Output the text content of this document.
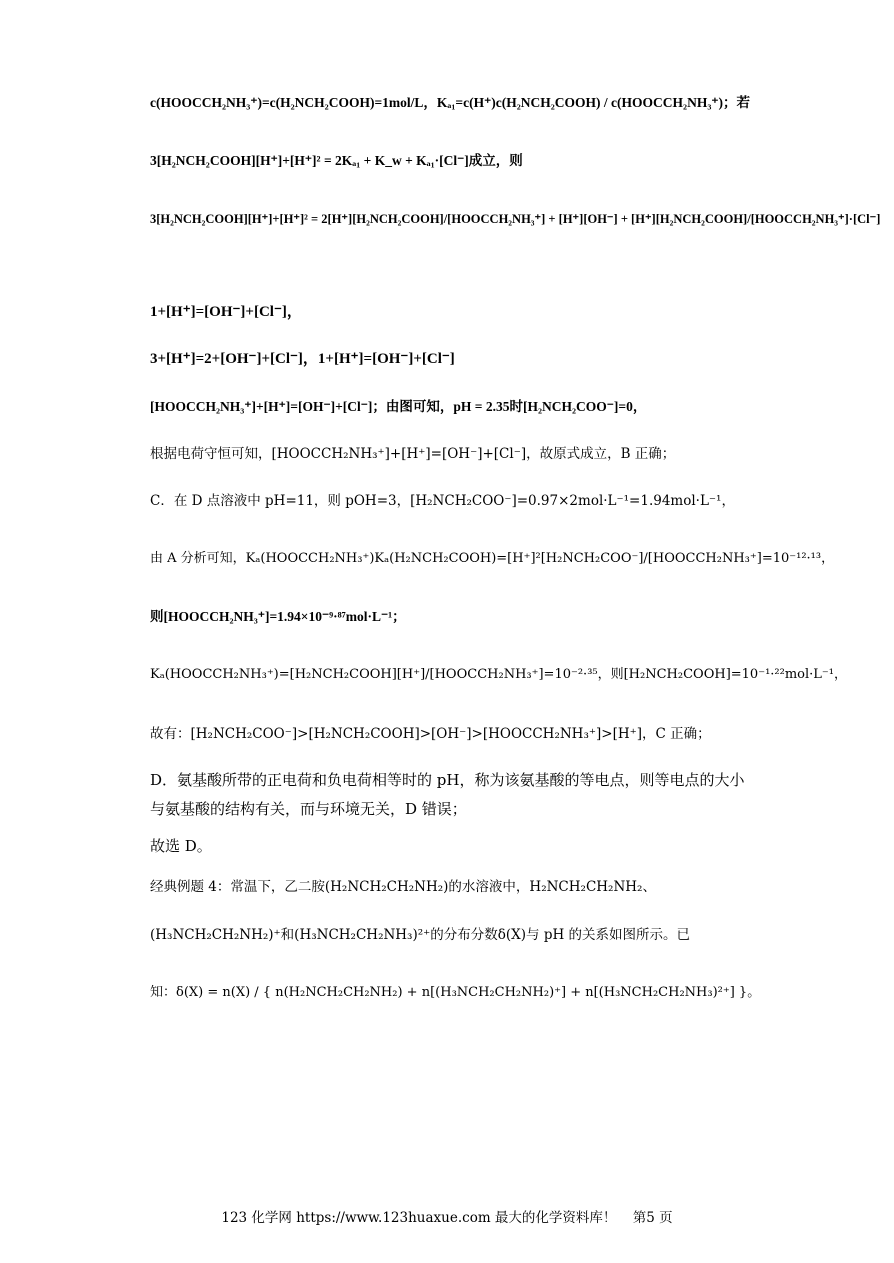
c(HOOCCH₂NH₃⁺)=c(H₂NCH₂COOH)=1mol/L，Kₐ₁=c(H⁺)c(H₂NCH₂COOH) / c(HOOCCH₂NH₃⁺)；若
3[H₂NCH₂COOH][H⁺]+[H⁺]² = 2Kₐ₁ + K_w + Kₐ₁·[Cl⁻]成立，则
3[H₂NCH₂COOH][H⁺]+[H⁺]² = 2[H⁺][H₂NCH₂COOH]/[HOOCCH₂NH₃⁺] + [H⁺][OH⁻] + [H⁺][H₂NCH₂COOH]/[HOOCCH₂NH₃⁺]·[Cl⁻]
1+[H⁺]=[OH⁻]+[Cl⁻]，
3+[H⁺]=2+[OH⁻]+[Cl⁻]，1+[H⁺]=[OH⁻]+[Cl⁻]
[HOOCCH₂NH₃⁺]+[H⁺]=[OH⁻]+[Cl⁻]；由图可知，pH = 2.35时[H₂NCH₂COO⁻]=0，
根据电荷守恒可知，[HOOCCH₂NH₃⁺]+[H⁺]=[OH⁻]+[Cl⁻]，故原式成立，B 正确；
C．在 D 点溶液中 pH=11，则 pOH=3，[H₂NCH₂COO⁻]=0.97×2mol·L⁻¹=1.94mol·L⁻¹，
由 A 分析可知，Kₐ(HOOCCH₂NH₃⁺)Kₐ(H₂NCH₂COOH)=[H⁺]²[H₂NCH₂COO⁻]/[HOOCCH₂NH₃⁺]=10⁻¹²·¹³，
则[HOOCCH₂NH₃⁺]=1.94×10⁻⁹·⁸⁷mol·L⁻¹；
Kₐ(HOOCCH₂NH₃⁺)=[H₂NCH₂COOH][H⁺]/[HOOCCH₂NH₃⁺]=10⁻²·³⁵，则[H₂NCH₂COOH]=10⁻¹·²²mol·L⁻¹，
故有：[H₂NCH₂COO⁻]>[H₂NCH₂COOH]>[OH⁻]>[HOOCCH₂NH₃⁺]>[H⁺]，C 正确；
D．氨基酸所带的正电荷和负电荷相等时的 pH，称为该氨基酸的等电点，则等电点的大小与氨基酸的结构有关，而与环境无关，D 错误；
故选 D。
经典例题 4：常温下，乙二胺(H₂NCH₂CH₂NH₂)的水溶液中，H₂NCH₂CH₂NH₂、
(H₃NCH₂CH₂NH₂)⁺和(H₃NCH₂CH₂NH₃)²⁺的分布分数δ(X)与 pH 的关系如图所示。已
知：δ(X) = n(X) / { n(H₂NCH₂CH₂NH₂) + n[(H₃NCH₂CH₂NH₂)⁺] + n[(H₃NCH₂CH₂NH₃)²⁺] }。
123 化学网 https://www.123huaxue.com 最大的化学资料库！ 第5 页
